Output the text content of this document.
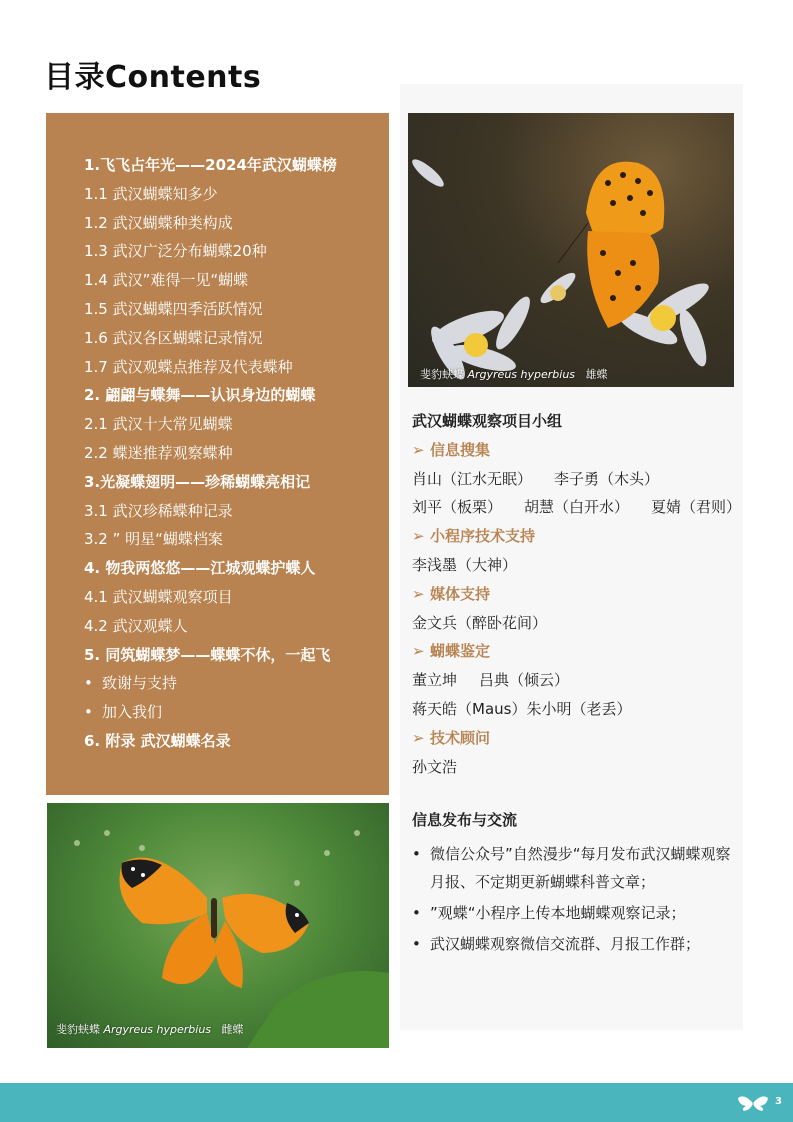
目录Contents
1.飞飞占年光——2024年武汉蝴蝶榜
1.1 武汉蝴蝶知多少
1.2 武汉蝴蝶种类构成
1.3 武汉广泛分布蝴蝶20种
1.4 武汉”难得一见“蝴蝶
1.5 武汉蝴蝶四季活跃情况
1.6 武汉各区蝴蝶记录情况
1.7 武汉观蝶点推荐及代表蝶种
2. 翩翩与蝶舞——认识身边的蝴蝶
2.1 武汉十大常见蝴蝶
2.2 蝶迷推荐观察蝶种
3.光凝蝶翅明——珍稀蝴蝶亮相记
3.1 武汉珍稀蝶种记录
3.2 ” 明星“蝴蝶档案
4. 物我两悠悠——江城观蝶护蝶人
4.1 武汉蝴蝶观察项目
4.2 武汉观蝶人
5. 同筑蝴蝶梦——蝶蝶不休，一起飞
• 致谢与支持
• 加入我们
6. 附录 武汉蝴蝶名录
斐豹蛱蝶 Argyreus hyperbius 雄蝶
武汉蝴蝶观察项目小组
➢ 信息搜集
肖山（江水无眠） 李子勇（木头）
刘平（板栗） 胡慧（白开水） 夏婧（君则）
➢ 小程序技术支持
李浅墨（大神）
➢ 媒体支持
金文兵（醉卧花间）
➢ 蝴蝶鉴定
董立坤 吕典（倾云）
蒋天皓（Maus）朱小明（老丢）
➢ 技术顾问
孙文浩
信息发布与交流
• 微信公众号”自然漫步“每月发布武汉蝴蝶观察月报、不定期更新蝴蝶科普文章；
• ”观蝶“小程序上传本地蝴蝶观察记录；
• 武汉蝴蝶观察微信交流群、月报工作群；
斐豹蛱蝶 Argyreus hyperbius 雌蝶
3
